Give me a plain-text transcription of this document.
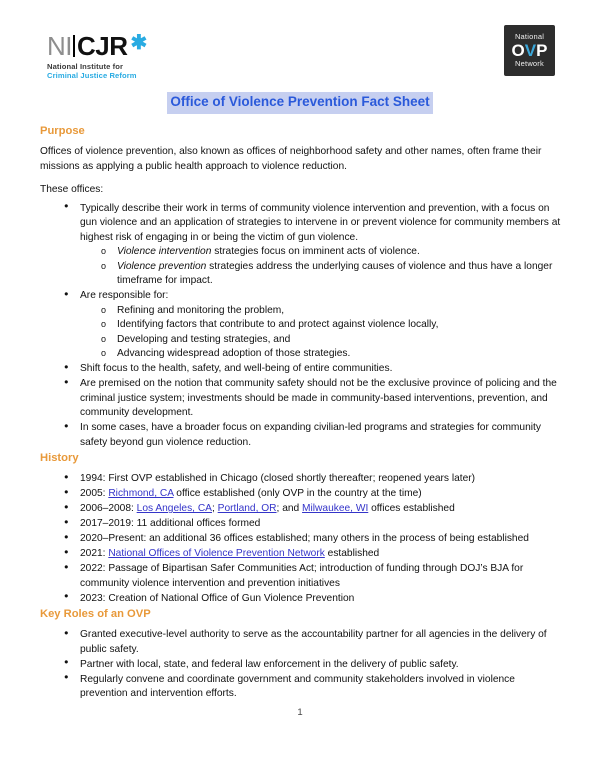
NI CJR ✱
National Institute for
Criminal Justice Reform
National
OVP
Network
Office of Violence Prevention Fact Sheet
Purpose

Offices of violence prevention, also known as offices of neighborhood safety and other names, often frame their missions as applying a public health approach to violence reduction.

These offices:

● Typically describe their work in terms of community violence intervention and prevention, with a focus on gun violence and an application of strategies to intervene in or prevent violence for community members at highest risk of engaging in or being the victim of gun violence.
o Violence intervention strategies focus on imminent acts of violence.
o Violence prevention strategies address the underlying causes of violence and thus have a longer timeframe for impact.
● Are responsible for:
o Refining and monitoring the problem,
o Identifying factors that contribute to and protect against violence locally,
o Developing and testing strategies, and
o Advancing widespread adoption of those strategies.
● Shift focus to the health, safety, and well-being of entire communities.
● Are premised on the notion that community safety should not be the exclusive province of policing and the criminal justice system; investments should be made in community-based interventions, prevention, and community development.
● In some cases, have a broader focus on expanding civilian-led programs and strategies for community safety beyond gun violence reduction.
History
● 1994: First OVP established in Chicago (closed shortly thereafter; reopened years later)
● 2005: Richmond, CA office established (only OVP in the country at the time)
● 2006–2008: Los Angeles, CA; Portland, OR; and Milwaukee, WI offices established
● 2017–2019: 11 additional offices formed
● 2020–Present: an additional 36 offices established; many others in the process of being established
● 2021: National Offices of Violence Prevention Network established
● 2022: Passage of Bipartisan Safer Communities Act; introduction of funding through DOJ’s BJA for community violence intervention and prevention initiatives
● 2023: Creation of National Office of Gun Violence Prevention
Key Roles of an OVP
● Granted executive-level authority to serve as the accountability partner for all agencies in the delivery of public safety.
● Partner with local, state, and federal law enforcement in the delivery of public safety.
● Regularly convene and coordinate government and community stakeholders involved in violence prevention and intervention efforts.
1
